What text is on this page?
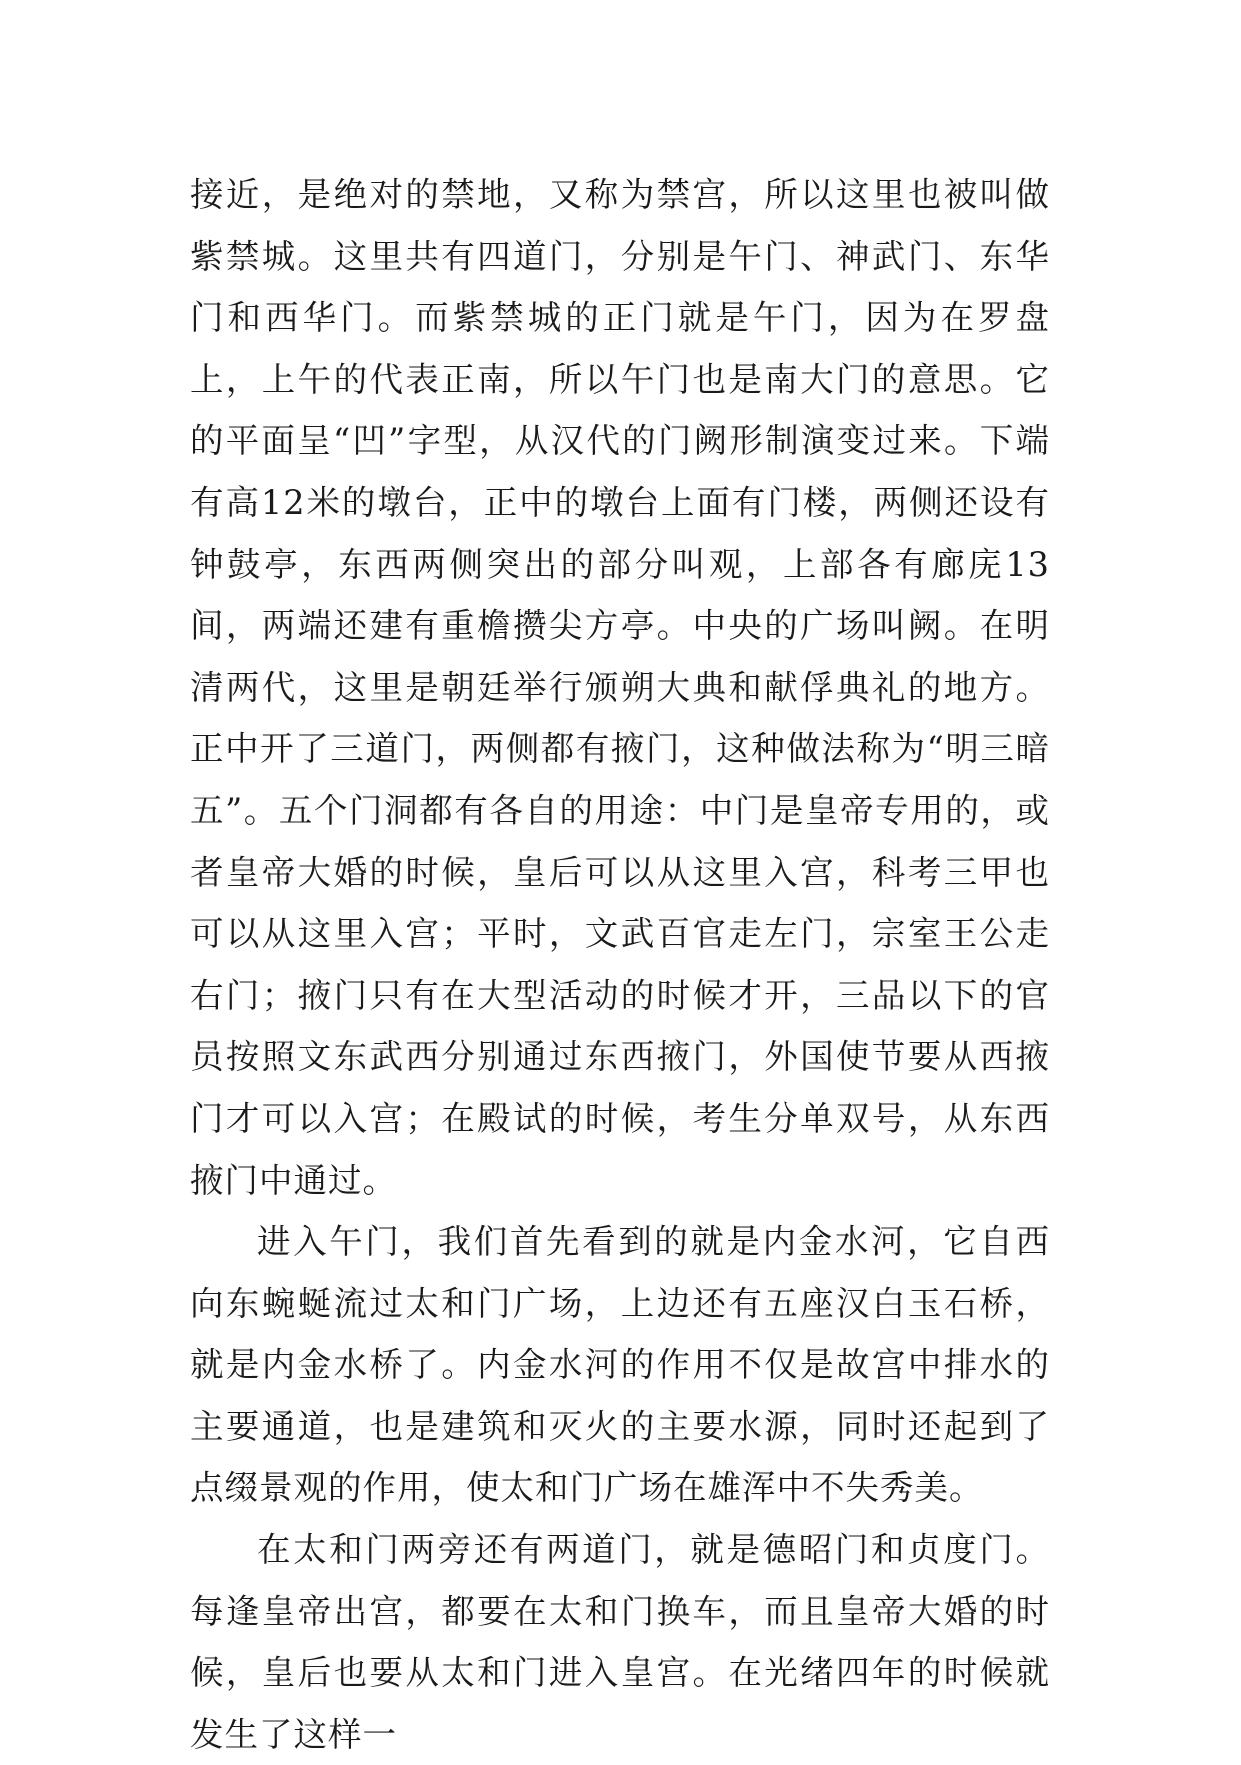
接近，是绝对的禁地，又称为禁宫，所以这里也被叫做紫禁城。这里共有四道门，分别是午门、神武门、东华门和西华门。而紫禁城的正门就是午门，因为在罗盘上，上午的代表正南，所以午门也是南大门的意思。它的平面呈“凹”字型，从汉代的门阙形制演变过来。下端有高12米的墩台，正中的墩台上面有门楼，两侧还设有钟鼓亭，东西两侧突出的部分叫观，上部各有廊庑13间，两端还建有重檐攒尖方亭。中央的广场叫阙。在明清两代，这里是朝廷举行颁朔大典和献俘典礼的地方。正中开了三道门，两侧都有掖门，这种做法称为“明三暗五”。五个门洞都有各自的用途：中门是皇帝专用的，或者皇帝大婚的时候，皇后可以从这里入宫，科考三甲也可以从这里入宫；平时，文武百官走左门，宗室王公走右门；掖门只有在大型活动的时候才开，三品以下的官员按照文东武西分别通过东西掖门，外国使节要从西掖门才可以入宫；在殿试的时候，考生分单双号，从东西掖门中通过。

进入午门，我们首先看到的就是内金水河，它自西向东蜿蜒流过太和门广场，上边还有五座汉白玉石桥，就是内金水桥了。内金水河的作用不仅是故宫中排水的主要通道，也是建筑和灭火的主要水源，同时还起到了点缀景观的作用，使太和门广场在雄浑中不失秀美。

在太和门两旁还有两道门，就是德昭门和贞度门。每逢皇帝出宫，都要在太和门换车，而且皇帝大婚的时候，皇后也要从太和门进入皇宫。在光绪四年的时候就发生了这样一
